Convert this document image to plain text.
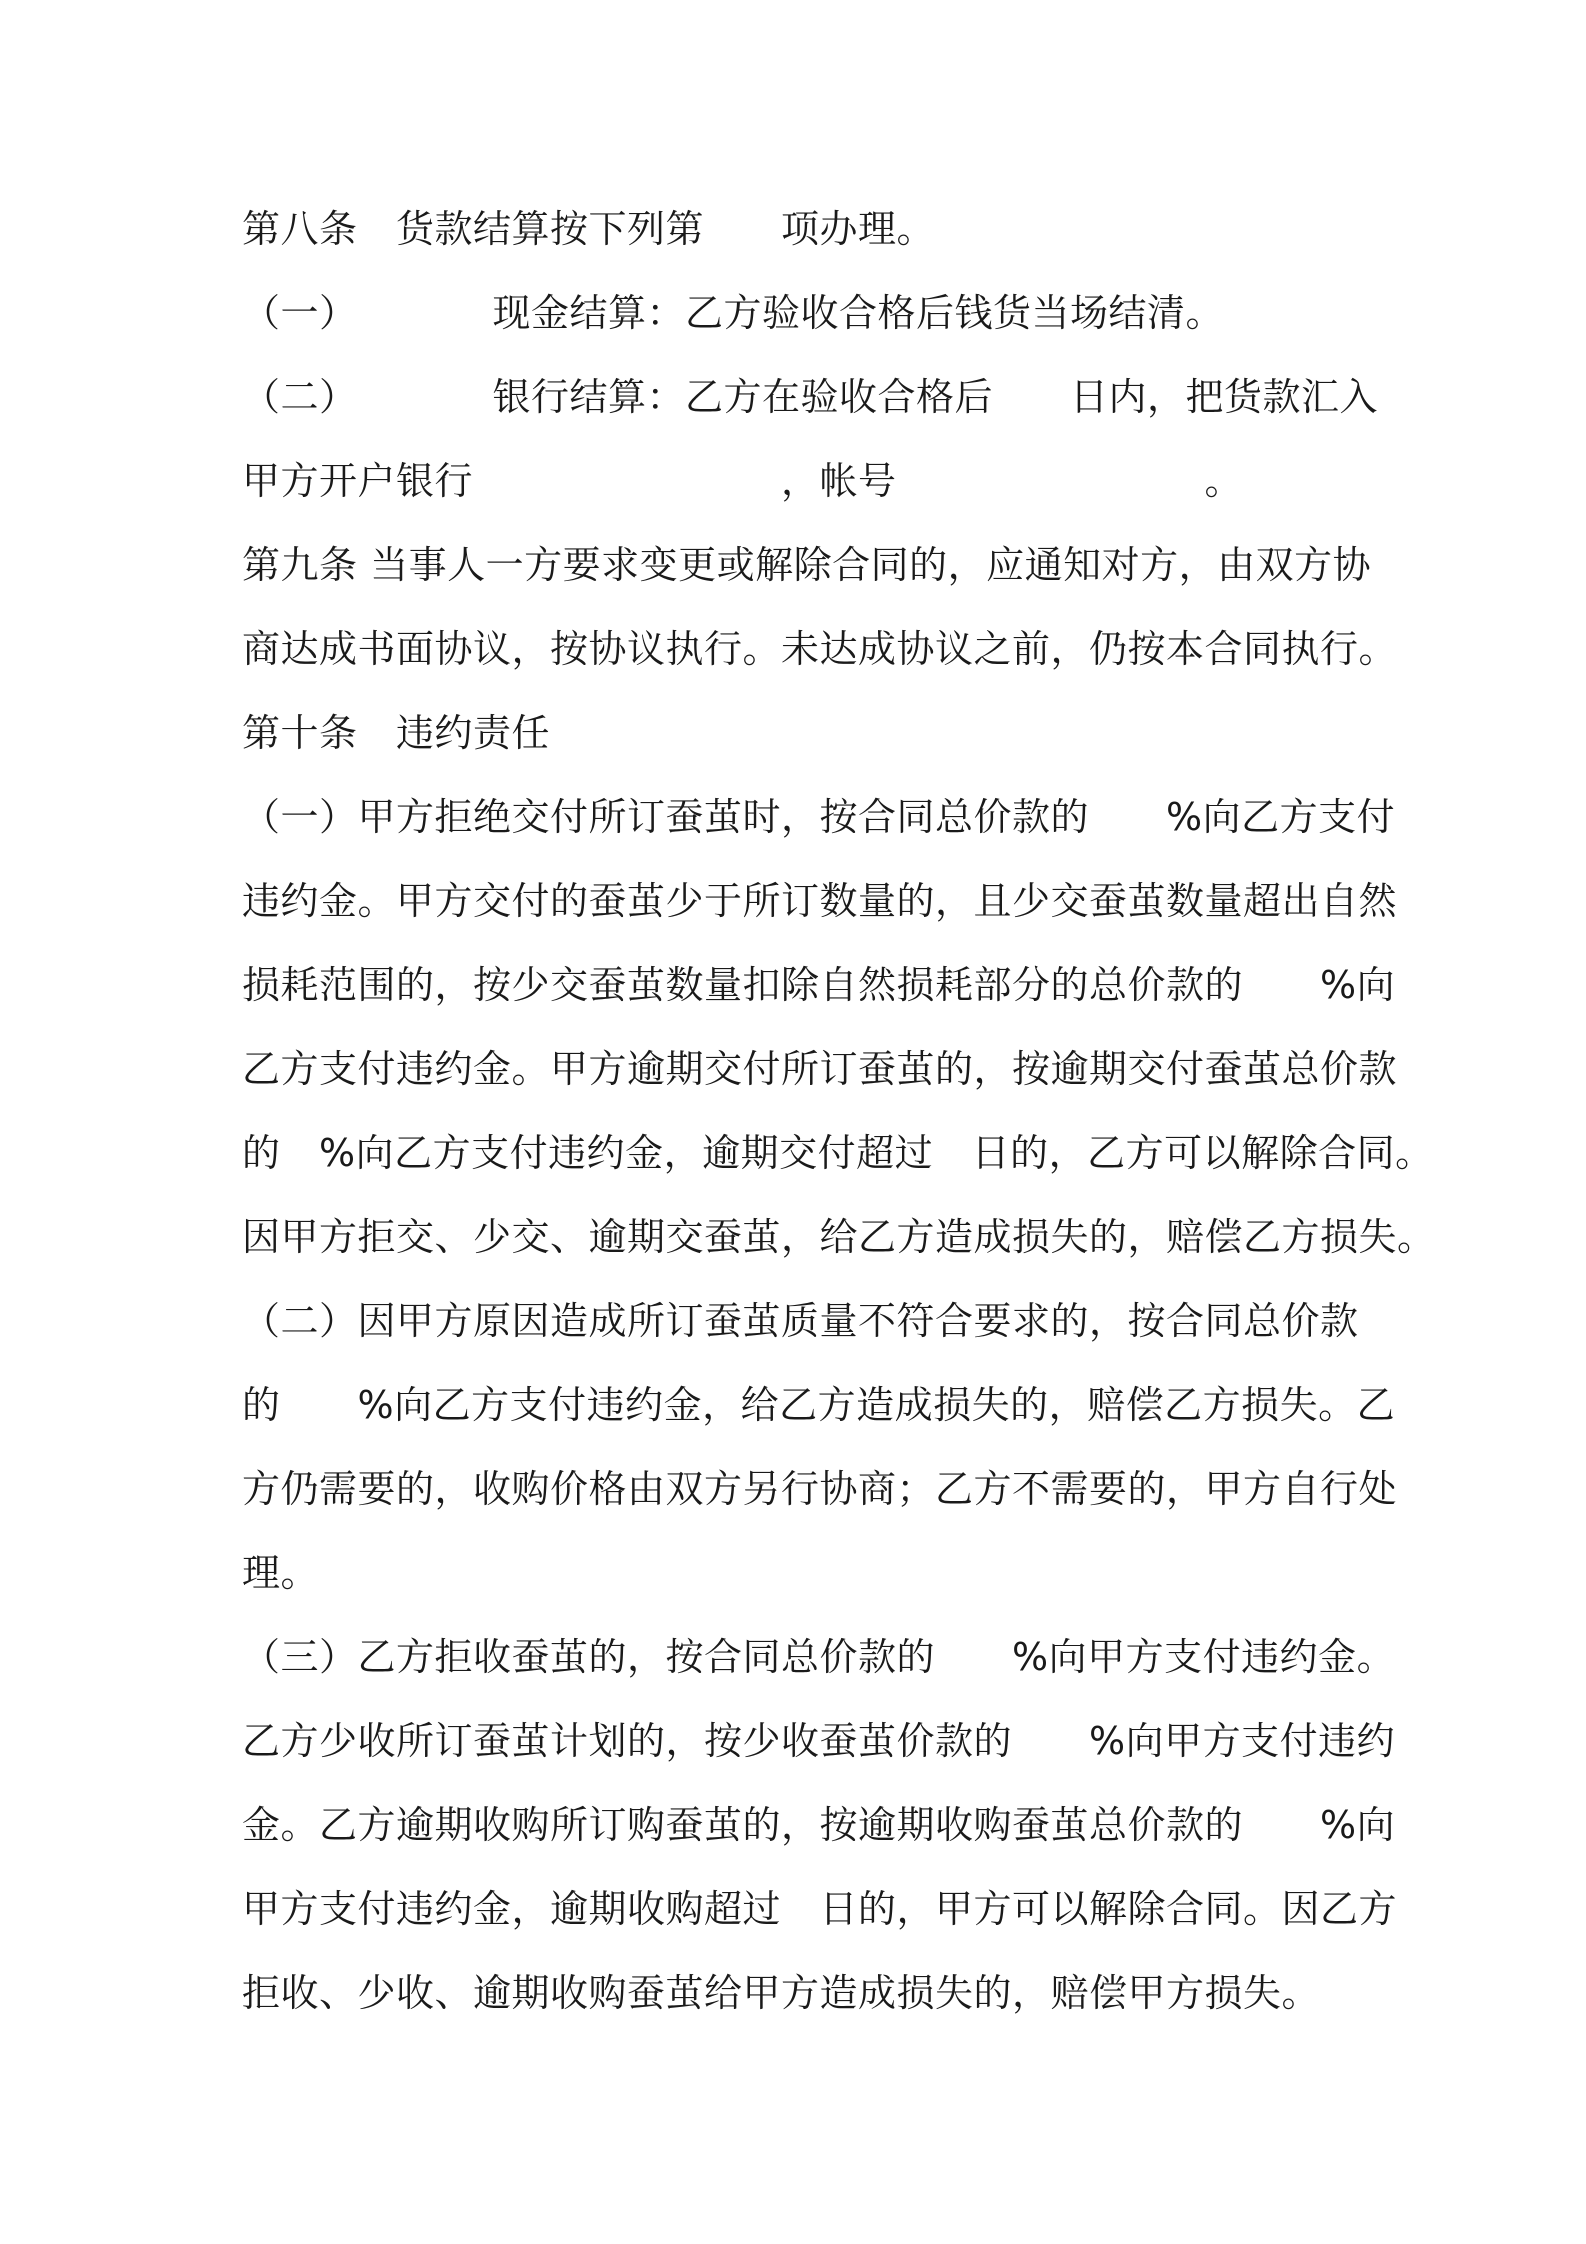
第八条　货款结算按下列第　　项办理。
（一）　　　　现金结算：乙方验收合格后钱货当场结清。
（二）　　　　银行结算：乙方在验收合格后　　日内，把货款汇入
甲方开户银行　　　　　　　　，帐号　　　　　　　　。
第九条 当事人一方要求变更或解除合同的，应通知对方，由双方协
商达成书面协议，按协议执行。未达成协议之前，仍按本合同执行。
第十条　违约责任
（一）甲方拒绝交付所订蚕茧时，按合同总价款的　　%向乙方支付
违约金。甲方交付的蚕茧少于所订数量的，且少交蚕茧数量超出自然
损耗范围的，按少交蚕茧数量扣除自然损耗部分的总价款的　　%向
乙方支付违约金。甲方逾期交付所订蚕茧的，按逾期交付蚕茧总价款
的　%向乙方支付违约金，逾期交付超过　日的，乙方可以解除合同。
因甲方拒交、少交、逾期交蚕茧，给乙方造成损失的，赔偿乙方损失。
（二）因甲方原因造成所订蚕茧质量不符合要求的，按合同总价款
的　　%向乙方支付违约金，给乙方造成损失的，赔偿乙方损失。乙
方仍需要的，收购价格由双方另行协商；乙方不需要的，甲方自行处
理。
（三）乙方拒收蚕茧的，按合同总价款的　　%向甲方支付违约金。
乙方少收所订蚕茧计划的，按少收蚕茧价款的　　%向甲方支付违约
金。乙方逾期收购所订购蚕茧的，按逾期收购蚕茧总价款的　　%向
甲方支付违约金，逾期收购超过　日的，甲方可以解除合同。因乙方
拒收、少收、逾期收购蚕茧给甲方造成损失的，赔偿甲方损失。
